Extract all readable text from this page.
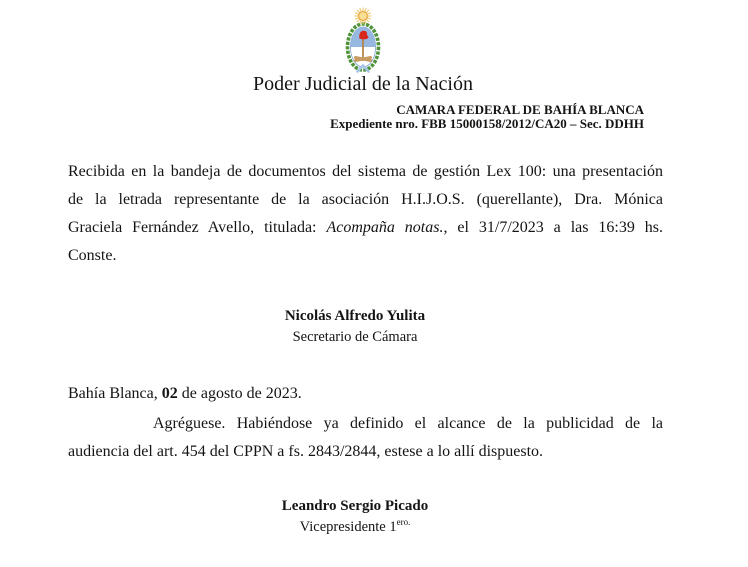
Poder Judicial de la Nación
CAMARA FEDERAL DE BAHÍA BLANCA
Expediente nro. FBB 15000158/2012/CA20 – Sec. DDHH
Recibida en la bandeja de documentos del sistema de gestión Lex 100: una presentación
de la letrada representante de la asociación H.I.J.O.S. (querellante), Dra. Mónica
Graciela Fernández Avello, titulada: Acompaña notas., el 31/7/2023 a las 16:39 hs.
Conste.
Nicolás Alfredo Yulita
Secretario de Cámara
Bahía Blanca, 02 de agosto de 2023.
Agréguese. Habiéndose ya definido el alcance de la publicidad de la
audiencia del art. 454 del CPPN a fs. 2843/2844, estese a lo allí dispuesto.
Leandro Sergio Picado
Vicepresidente $1^{ero.}$
